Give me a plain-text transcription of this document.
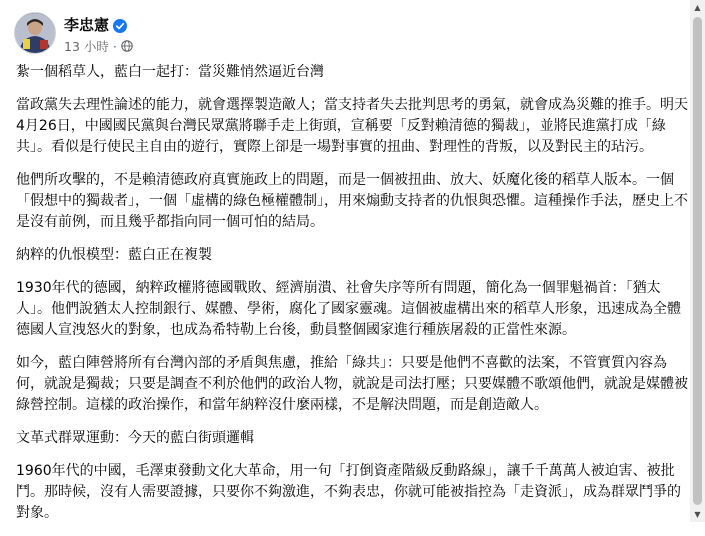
李忠憲
13 小時 ·

紮一個稻草人，藍白一起打：當災難悄然逼近台灣

當政黨失去理性論述的能力，就會選擇製造敵人；當支持者失去批判思考的勇氣，就會成為災難的推手。明天4月26日，中國國民黨與台灣民眾黨將聯手走上街頭，宣稱要「反對賴清德的獨裁」，並將民進黨打成「綠共」。看似是行使民主自由的遊行，實際上卻是一場對事實的扭曲、對理性的背叛，以及對民主的玷污。

他們所攻擊的，不是賴清德政府真實施政上的問題，而是一個被扭曲、放大、妖魔化後的稻草人版本。一個「假想中的獨裁者」，一個「虛構的綠色極權體制」，用來煽動支持者的仇恨與恐懼。這種操作手法，歷史上不是沒有前例，而且幾乎都指向同一個可怕的結局。

納粹的仇恨模型：藍白正在複製

1930年代的德國，納粹政權將德國戰敗、經濟崩潰、社會失序等所有問題，簡化為一個罪魁禍首：「猶太人」。他們說猶太人控制銀行、媒體、學術，腐化了國家靈魂。這個被虛構出來的稻草人形象，迅速成為全體德國人宣洩怒火的對象，也成為希特勒上台後，動員整個國家進行種族屠殺的正當性來源。

如今，藍白陣營將所有台灣內部的矛盾與焦慮，推給「綠共」：只要是他們不喜歡的法案，不管實質內容為何，就說是獨裁；只要是調查不利於他們的政治人物，就說是司法打壓；只要媒體不歌頌他們，就說是媒體被綠營控制。這樣的政治操作，和當年納粹沒什麼兩樣，不是解決問題，而是創造敵人。

文革式群眾運動：今天的藍白街頭邏輯

1960年代的中國，毛澤東發動文化大革命，用一句「打倒資產階級反動路線」，讓千千萬萬人被迫害、被批鬥。那時候，沒有人需要證據，只要你不夠激進，不夠表忠，你就可能被指控為「走資派」，成為群眾鬥爭的對象。

▲
▼
